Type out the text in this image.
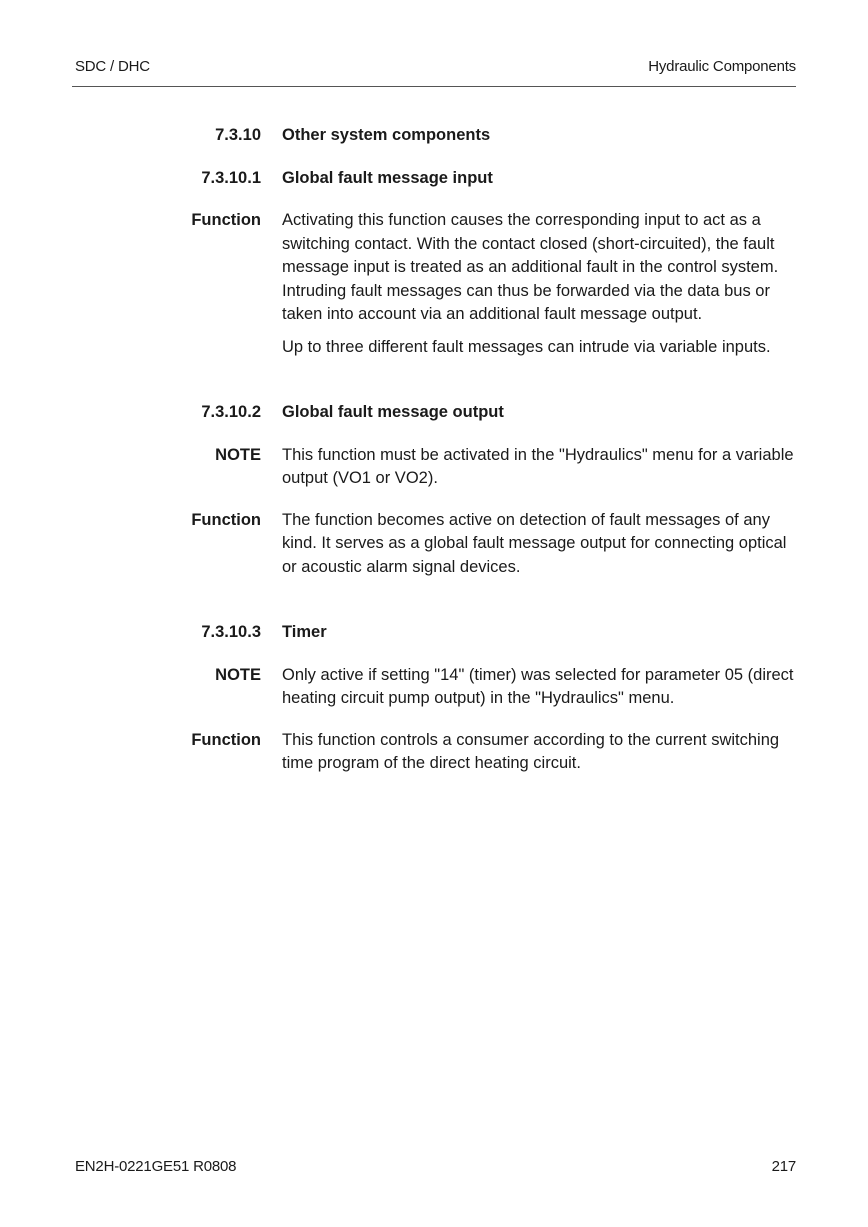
SDC / DHC	Hydraulic Components
7.3.10 Other system components
7.3.10.1 Global fault message input
Function Activating this function causes the corresponding input to act as a switching contact. With the contact closed (short-circuited), the fault message input is treated as an additional fault in the control system. Intruding fault messages can thus be forwarded via the data bus or taken into account via an additional fault message output.
Up to three different fault messages can intrude via variable inputs.
7.3.10.2 Global fault message output
NOTE This function must be activated in the "Hydraulics" menu for a variable output (VO1 or VO2).
Function The function becomes active on detection of fault messages of any kind. It serves as a global fault message output for connecting optical or acoustic alarm signal devices.
7.3.10.3 Timer
NOTE Only active if setting "14" (timer) was selected for parameter 05 (direct heating circuit pump output) in the "Hydraulics" menu.
Function This function controls a consumer according to the current switching time program of the direct heating circuit.
EN2H-0221GE51 R0808	217
